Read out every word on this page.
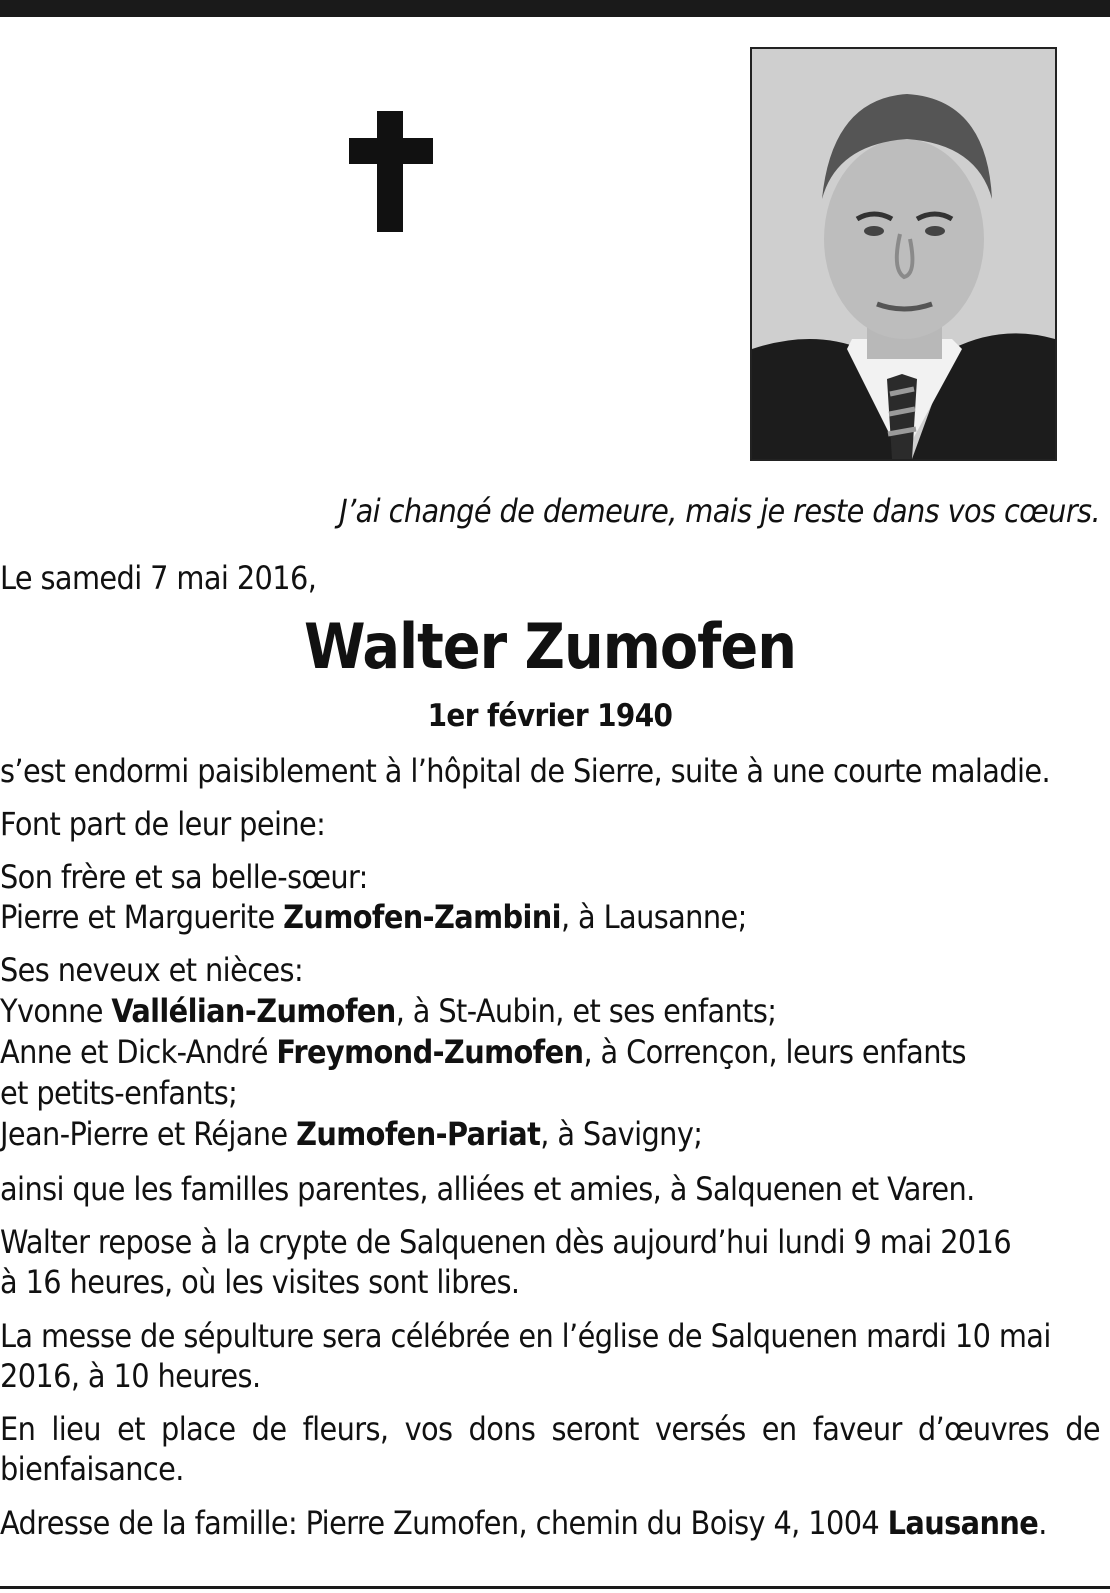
J’ai changé de demeure, mais je reste dans vos cœurs.

Le samedi 7 mai 2016,

Walter Zumofen

1er février 1940

s’est endormi paisiblement à l’hôpital de Sierre, suite à une courte maladie.

Font part de leur peine:

Son frère et sa belle-sœur:

Pierre et Marguerite Zumofen-Zambini, à Lausanne;

Ses neveux et nièces:

Yvonne Vallélian-Zumofen, à St-Aubin, et ses enfants;

Anne et Dick-André Freymond-Zumofen, à Corrençon, leurs enfants

et petits-enfants;

Jean-Pierre et Réjane Zumofen-Pariat, à Savigny;

ainsi que les familles parentes, alliées et amies, à Salquenen et Varen.

Walter repose à la crypte de Salquenen dès aujourd’hui lundi 9 mai 2016

à 16 heures, où les visites sont libres.

La messe de sépulture sera célébrée en l’église de Salquenen mardi 10 mai

2016, à 10 heures.

En lieu et place de fleurs, vos dons seront versés en faveur d’œuvres de

bienfaisance.

Adresse de la famille: Pierre Zumofen, chemin du Boisy 4, 1004 Lausanne.
